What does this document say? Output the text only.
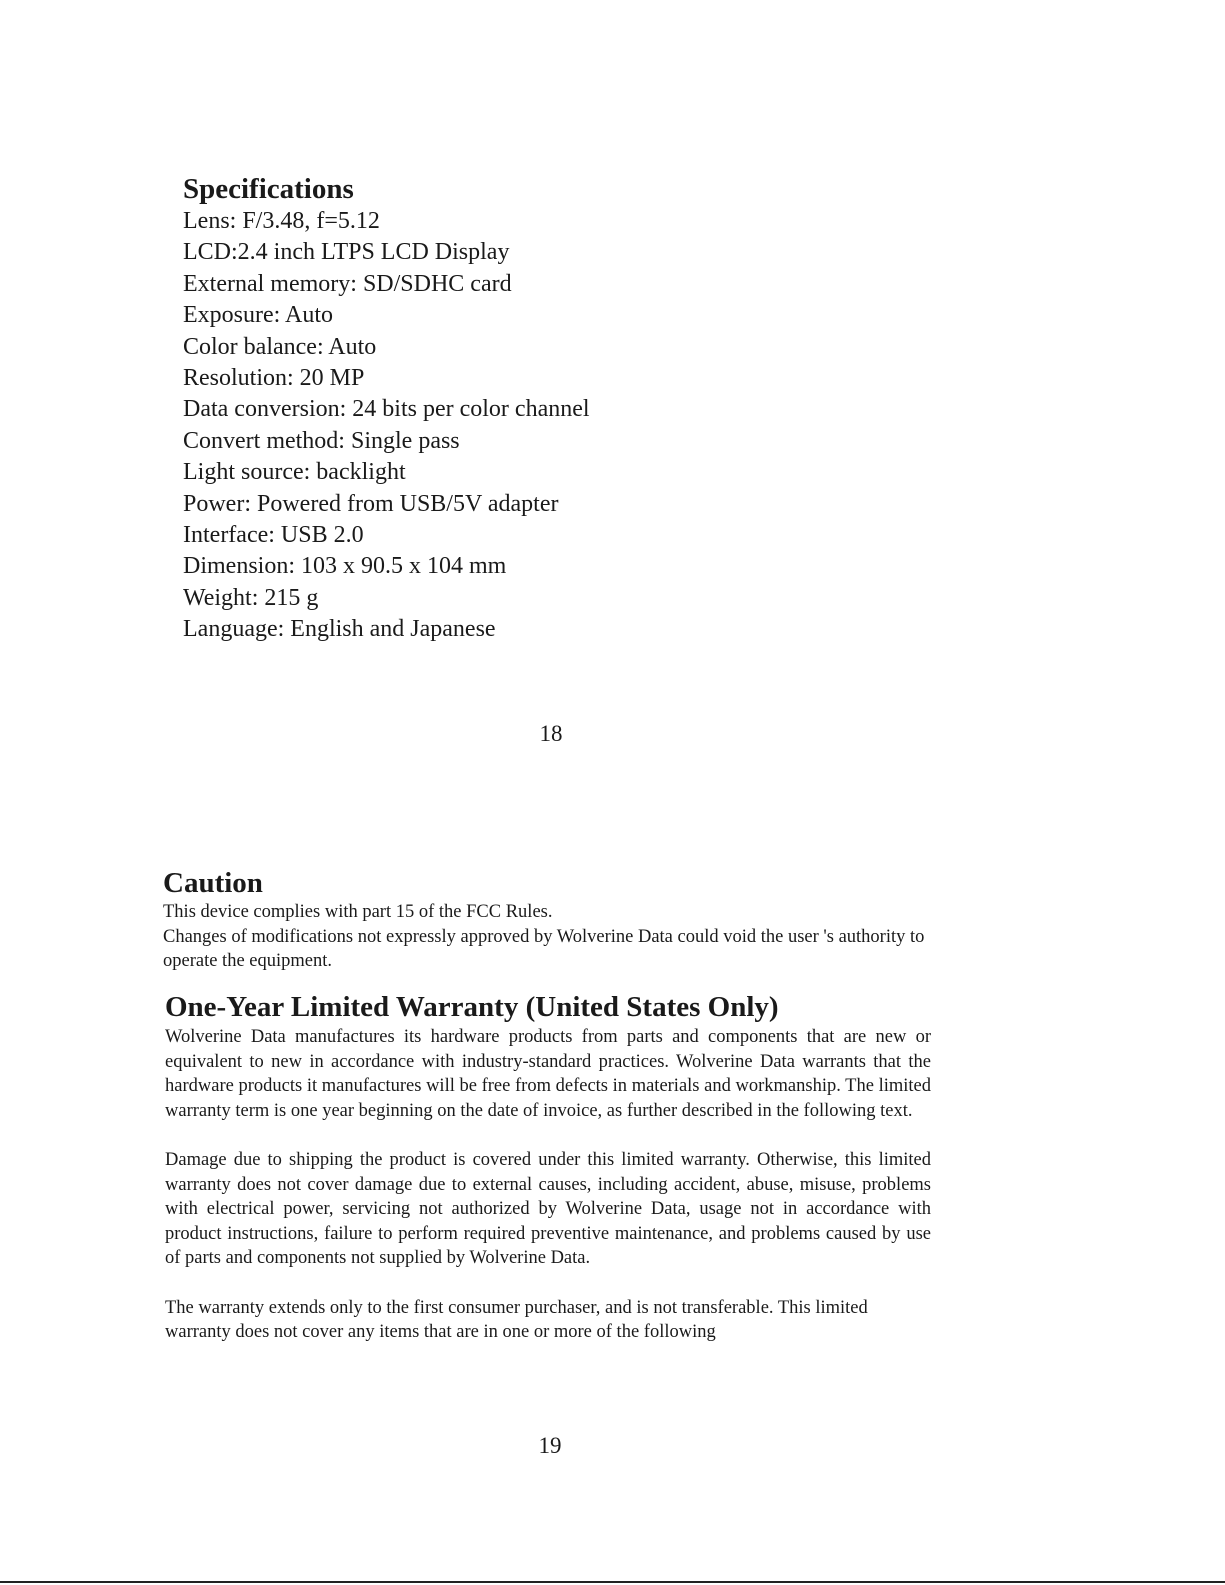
Specifications
Lens: F/3.48, f=5.12
LCD:2.4 inch LTPS LCD Display
External memory: SD/SDHC card
Exposure: Auto
Color balance: Auto
Resolution: 20 MP
Data conversion: 24 bits per color channel
Convert method: Single pass
Light source: backlight
Power: Powered from USB/5V adapter
Interface: USB 2.0
Dimension: 103 x 90.5 x 104 mm
Weight: 215 g
Language: English and Japanese
18
Caution

This device complies with part 15 of the FCC Rules.

Changes of modifications not expressly approved by Wolverine Data could void the user 's authority to operate the equipment.

One-Year Limited Warranty (United States Only)

Wolverine Data manufactures its hardware products from parts and components that are new or equivalent to new in accordance with industry-standard practices. Wolverine Data warrants that the hardware products it manufactures will be free from defects in materials and workmanship. The limited warranty term is one year beginning on the date of invoice, as further described in the following text.

Damage due to shipping the product is covered under this limited warranty. Otherwise, this limited warranty does not cover damage due to external causes, including accident, abuse, misuse, problems with electrical power, servicing not authorized by Wolverine Data, usage not in accordance with product instructions, failure to perform required preventive maintenance, and problems caused by use of parts and components not supplied by Wolverine Data.

The warranty extends only to the first consumer purchaser, and is not transferable. This limited warranty does not cover any items that are in one or more of the following

19
